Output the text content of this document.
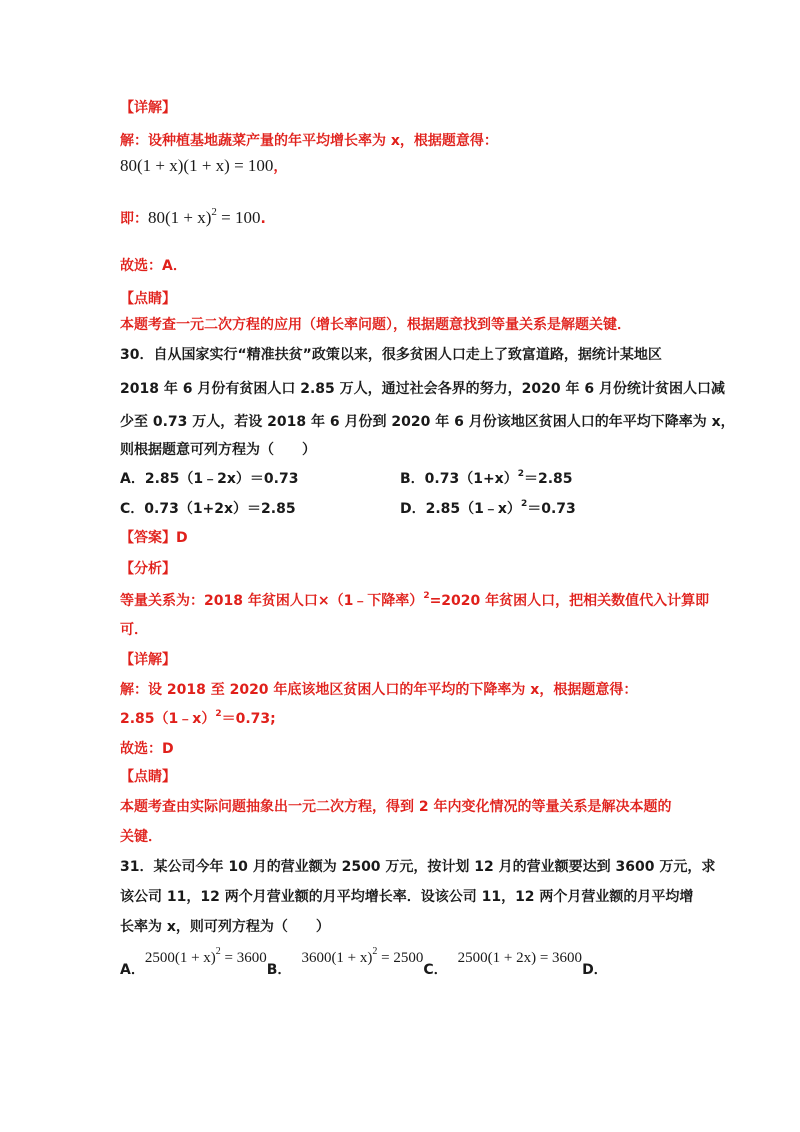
【详解】
解：设种植基地蔬菜产量的年平均增长率为 x，根据题意得：
80(1 + x)(1 + x) = 100，
即：$80(1 + x)^2 = 100$.
故选：A．
【点睛】
本题考查一元二次方程的应用（增长率问题），根据题意找到等量关系是解题关键．
30．自从国家实行“精准扶贫”政策以来，很多贫困人口走上了致富道路，据统计某地区
2018 年 6 月份有贫困人口 2.85 万人，通过社会各界的努力，2020 年 6 月份统计贫困人口减
少至 0.73 万人，若设 2018 年 6 月份到 2020 年 6 月份该地区贫困人口的年平均下降率为 x，
则根据题意可列方程为（　　）
A．2.85（1﹣2x）＝0.73	B．$0.73(1+x)^2=2.85$
C．0.73（1+2x）＝2.85	D．2.85（1﹣x）$^2$＝0.73
【答案】D
【分析】
等量关系为：2018 年贫困人口×（1﹣下降率）$^2$=2020 年贫困人口，把相关数值代入计算即
可．
【详解】
解：设 2018 至 2020 年底该地区贫困人口的年平均的下降率为 x，根据题意得：
2.85（1﹣x）$^2$＝0.73;
故选：D
【点睛】
本题考查由实际问题抽象出一元二次方程，得到 2 年内变化情况的等量关系是解决本题的
关键．
31．某公司今年 10 月的营业额为 2500 万元，按计划 12 月的营业额要达到 3600 万元，求
该公司 11，12 两个月营业额的月平均增长率．设该公司 11，12 两个月营业额的月平均增
长率为 x，则可列方程为（　　）
A．$2500(1 + x)^2 = 3600B$．$3600(1 + x)^2 = 2500C$．2500(1 + 2x) = 3600D．
